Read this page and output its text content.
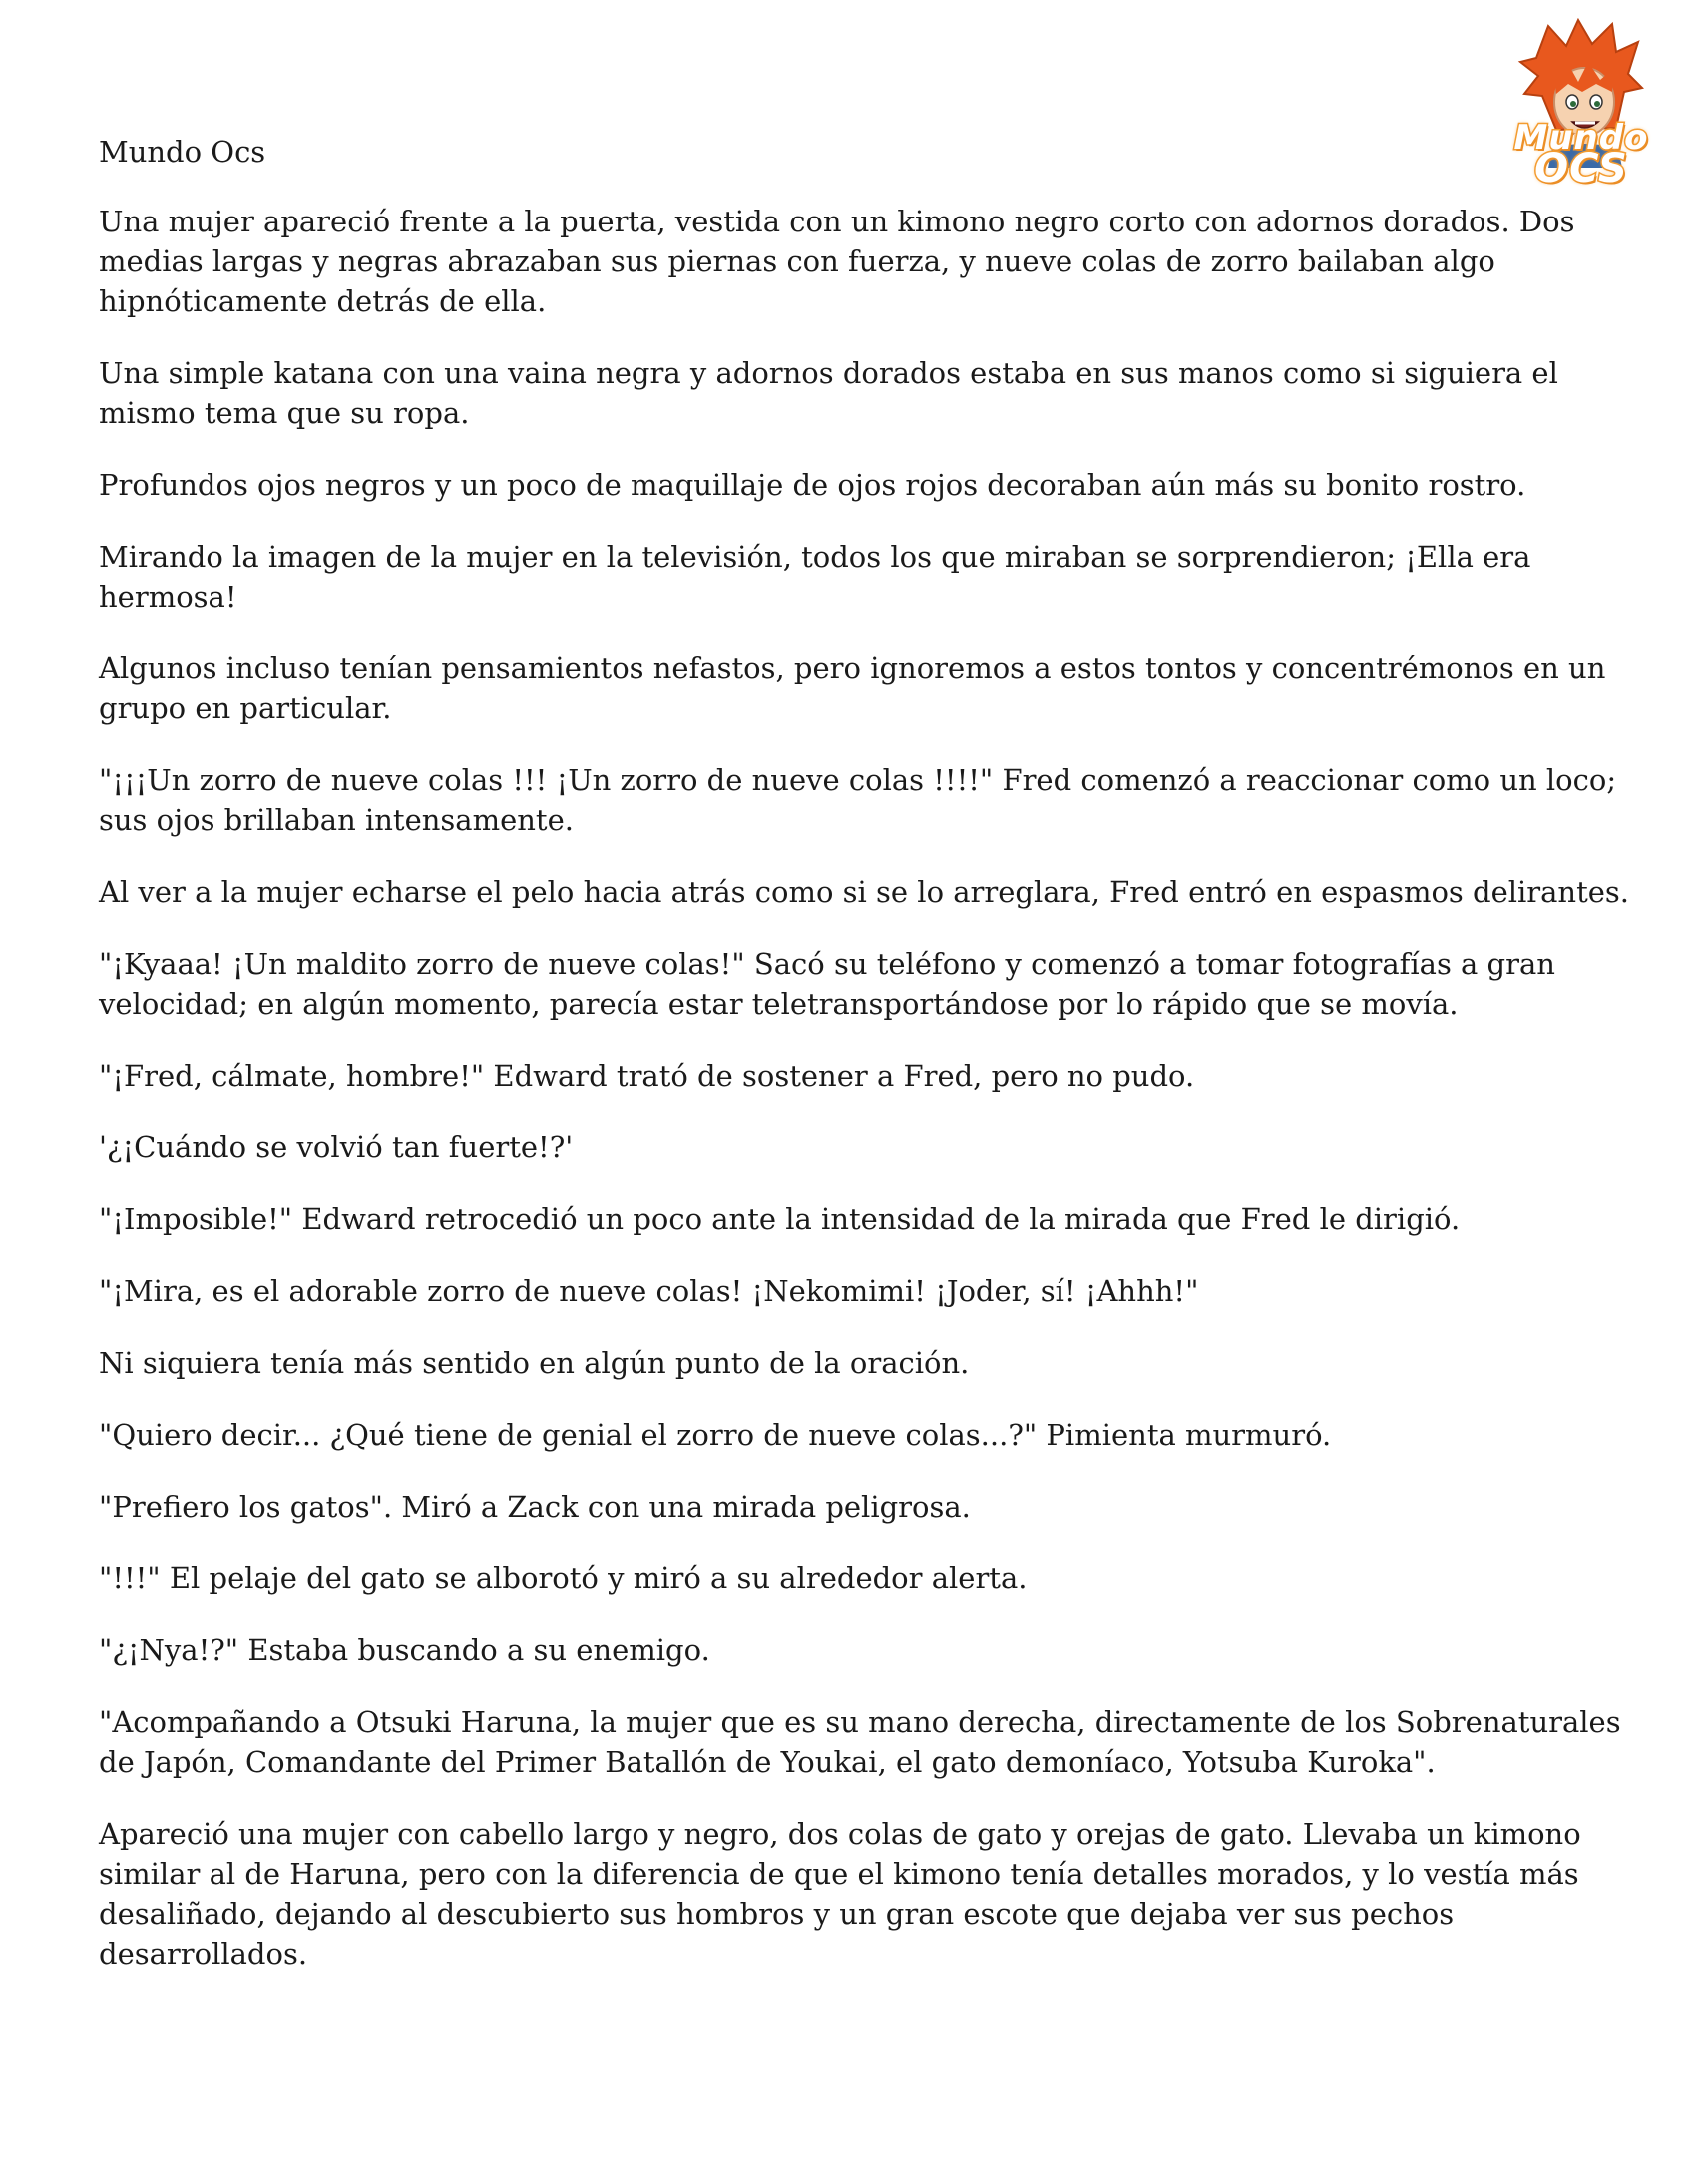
Mundo
OCS
Mundo Ocs

Una mujer apareció frente a la puerta, vestida con un kimono negro corto con adornos dorados. Dos medias largas y negras abrazaban sus piernas con fuerza, y nueve colas de zorro bailaban algo hipnóticamente detrás de ella.

Una simple katana con una vaina negra y adornos dorados estaba en sus manos como si siguiera el mismo tema que su ropa.

Profundos ojos negros y un poco de maquillaje de ojos rojos decoraban aún más su bonito rostro.

Mirando la imagen de la mujer en la televisión, todos los que miraban se sorprendieron; ¡Ella era hermosa!

Algunos incluso tenían pensamientos nefastos, pero ignoremos a estos tontos y concentrémonos en un grupo en particular.

"¡¡¡Un zorro de nueve colas !!! ¡Un zorro de nueve colas !!!!" Fred comenzó a reaccionar como un loco; sus ojos brillaban intensamente.

Al ver a la mujer echarse el pelo hacia atrás como si se lo arreglara, Fred entró en espasmos delirantes.

"¡Kyaaa! ¡Un maldito zorro de nueve colas!" Sacó su teléfono y comenzó a tomar fotografías a gran velocidad; en algún momento, parecía estar teletransportándose por lo rápido que se movía.

"¡Fred, cálmate, hombre!" Edward trató de sostener a Fred, pero no pudo.

'¿¡Cuándo se volvió tan fuerte!?'

"¡Imposible!" Edward retrocedió un poco ante la intensidad de la mirada que Fred le dirigió.

"¡Mira, es el adorable zorro de nueve colas! ¡Nekomimi! ¡Joder, sí! ¡Ahhh!"

Ni siquiera tenía más sentido en algún punto de la oración.

"Quiero decir... ¿Qué tiene de genial el zorro de nueve colas...?" Pimienta murmuró.

"Prefiero los gatos". Miró a Zack con una mirada peligrosa.

"!!!" El pelaje del gato se alborotó y miró a su alrededor alerta.

"¿¡Nya!?" Estaba buscando a su enemigo.

"Acompañando a Otsuki Haruna, la mujer que es su mano derecha, directamente de los Sobrenaturales de Japón, Comandante del Primer Batallón de Youkai, el gato demoníaco, Yotsuba Kuroka".

Apareció una mujer con cabello largo y negro, dos colas de gato y orejas de gato. Llevaba un kimono similar al de Haruna, pero con la diferencia de que el kimono tenía detalles morados, y lo vestía más desaliñado, dejando al descubierto sus hombros y un gran escote que dejaba ver sus pechos desarrollados.
